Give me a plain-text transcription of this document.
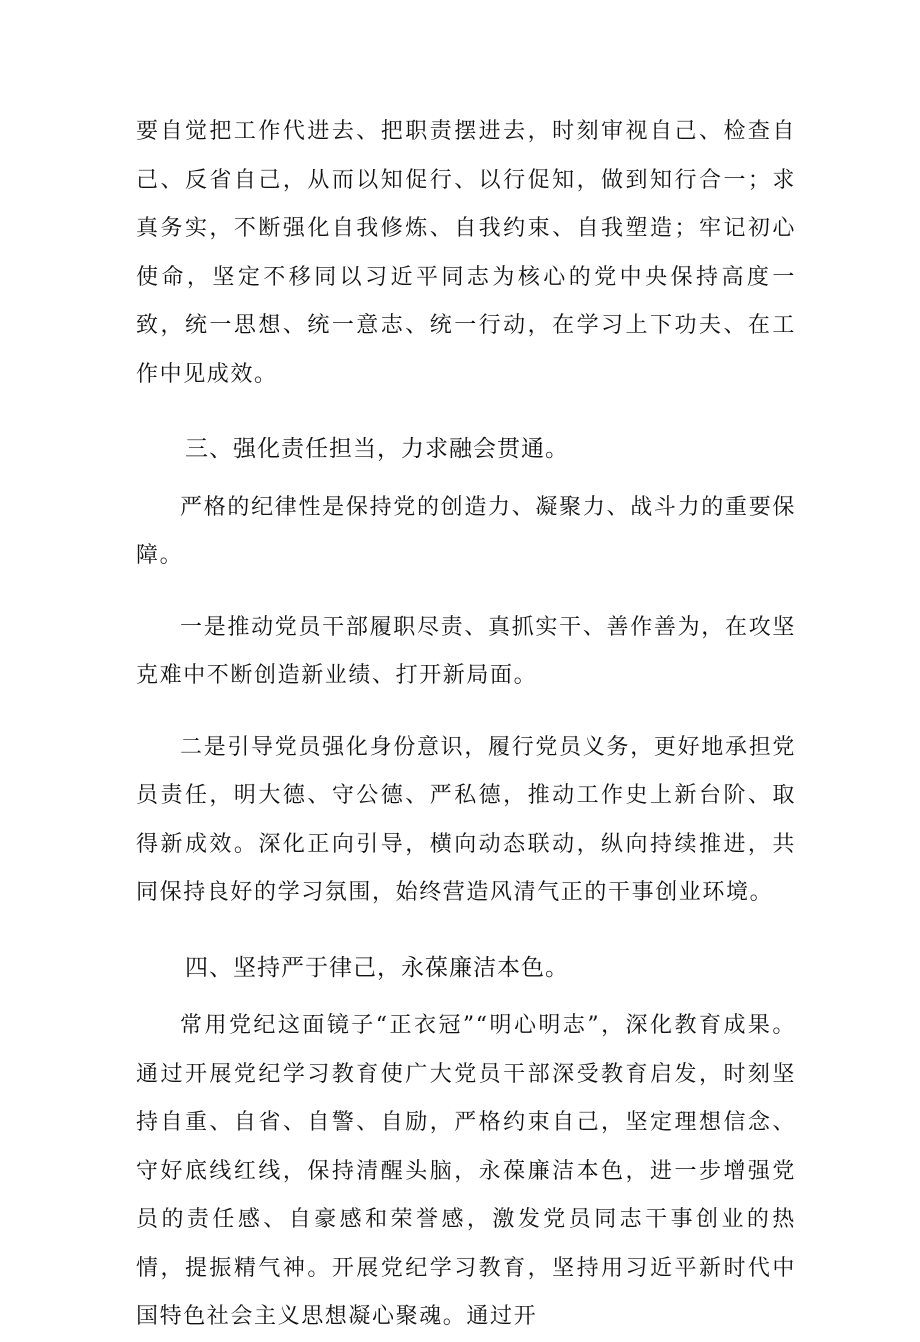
要自觉把工作代进去、把职责摆进去，时刻审视自己、检查自己、反省自己，从而以知促行、以行促知，做到知行合一；求真务实，不断强化自我修炼、自我约束、自我塑造；牢记初心使命，坚定不移同以习近平同志为核心的党中央保持高度一致，统一思想、统一意志、统一行动，在学习上下功夫、在工作中见成效。

三、强化责任担当，力求融会贯通。

严格的纪律性是保持党的创造力、凝聚力、战斗力的重要保障。

一是推动党员干部履职尽责、真抓实干、善作善为，在攻坚克难中不断创造新业绩、打开新局面。

二是引导党员强化身份意识，履行党员义务，更好地承担党员责任，明大德、守公德、严私德，推动工作史上新台阶、取得新成效。深化正向引导，横向动态联动，纵向持续推进，共同保持良好的学习氛围，始终营造风清气正的干事创业环境。

四、坚持严于律己，永葆廉洁本色。

常用党纪这面镜子“正衣冠”“明心明志”，深化教育成果。通过开展党纪学习教育使广大党员干部深受教育启发，时刻坚持自重、自省、自警、自励，严格约束自己，坚定理想信念、守好底线红线，保持清醒头脑，永葆廉洁本色，进一步增强党员的责任感、自豪感和荣誉感，激发党员同志干事创业的热情，提振精气神。开展党纪学习教育，坚持用习近平新时代中国特色社会主义思想凝心聚魂。通过开
